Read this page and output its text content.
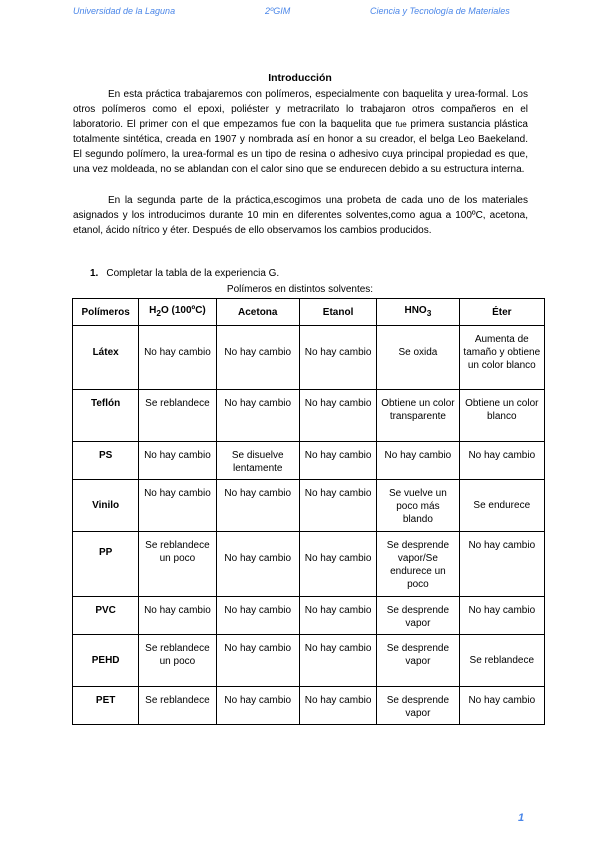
Universidad de la Laguna	2ºGIM	Ciencia y Tecnología de Materiales
Introducción
En esta práctica trabajaremos con polímeros, especialmente con baquelita y urea-formal. Los otros polímeros como el epoxi, poliéster y metracrilato lo trabajaron otros compañeros en el laboratorio. El primer con el que empezamos fue con la baquelita que fue primera sustancia plástica totalmente sintética, creada en 1907 y nombrada así en honor a su creador, el belga Leo Baekeland. El segundo polímero, la urea-formal es un tipo de resina o adhesivo cuya principal propiedad es que, una vez moldeada, no se ablandan con el calor sino que se endurecen debido a su estructura interna.
En la segunda parte de la práctica,escogimos una probeta de cada uno de los materiales asignados y los introducimos durante 10 min en diferentes solventes,como agua a 100ºC, acetona, etanol, ácido nítrico y éter. Después de ello observamos los cambios producidos.
1. Completar la tabla de la experiencia G.
Polímeros en distintos solventes:
Polímeros	$H_2O$ (100ºC)	Acetona	Etanol	$HNO_3$	Éter
Látex	No hay cambio	No hay cambio	No hay cambio	Se oxida	Aumenta de tamaño y obtiene un color blanco
Teflón	Se reblandece	No hay cambio	No hay cambio	Obtiene un color transparente	Obtiene un color blanco
PS	No hay cambio	Se disuelve lentamente	No hay cambio	No hay cambio	No hay cambio
Vinilo	No hay cambio	No hay cambio	No hay cambio	Se vuelve un poco más blando	Se endurece
PP	Se reblandece un poco	No hay cambio	No hay cambio	Se desprende vapor/Se endurece un poco	No hay cambio
PVC	No hay cambio	No hay cambio	No hay cambio	Se desprende vapor	No hay cambio
PEHD	Se reblandece un poco	No hay cambio	No hay cambio	Se desprende vapor	Se reblandece
PET	Se reblandece	No hay cambio	No hay cambio	Se desprende vapor	No hay cambio
1
